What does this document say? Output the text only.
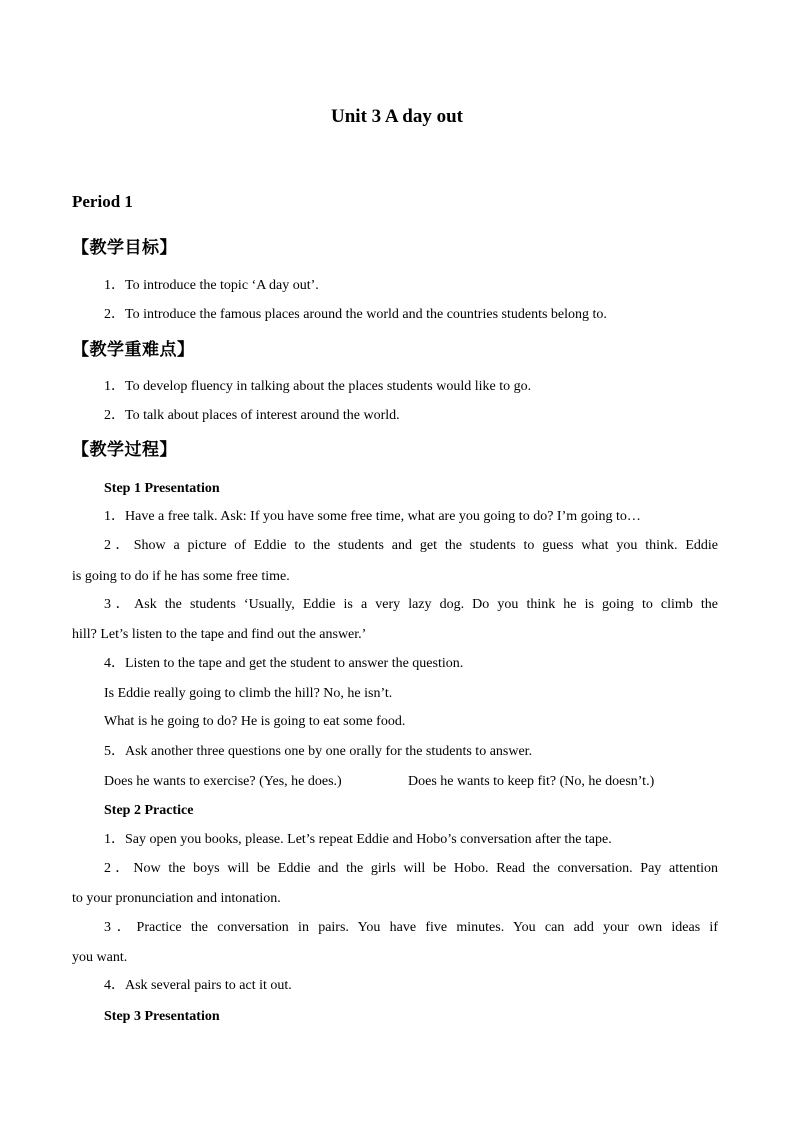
Unit 3 A day out
Period 1
【教学目标】
1．To introduce the topic ‘A day out’.
2．To introduce the famous places around the world and the countries students belong to.
【教学重难点】
1．To develop fluency in talking about the places students would like to go.
2．To talk about places of interest around the world.
【教学过程】
Step 1 Presentation
1．Have a free talk. Ask: If you have some free time, what are you going to do? I’m going to…
2．Show a picture of Eddie to the students and get the students to guess what you think. Eddie
is going to do if he has some free time.
3．Ask the students ‘Usually, Eddie is a very lazy dog. Do you think he is going to climb the
hill? Let’s listen to the tape and find out the answer.’
4．Listen to the tape and get the student to answer the question.
Is Eddie really going to climb the hill? No, he isn’t.
What is he going to do? He is going to eat some food.
5．Ask another three questions one by one orally for the students to answer.
Does he wants to exercise? (Yes, he does.)	Does he wants to keep fit? (No, he doesn’t.)
Step 2 Practice
1．Say open you books, please. Let’s repeat Eddie and Hobo’s conversation after the tape.
2．Now the boys will be Eddie and the girls will be Hobo. Read the conversation. Pay attention
to your pronunciation and intonation.
3．Practice the conversation in pairs. You have five minutes. You can add your own ideas if
you want.
4．Ask several pairs to act it out.
Step 3 Presentation
